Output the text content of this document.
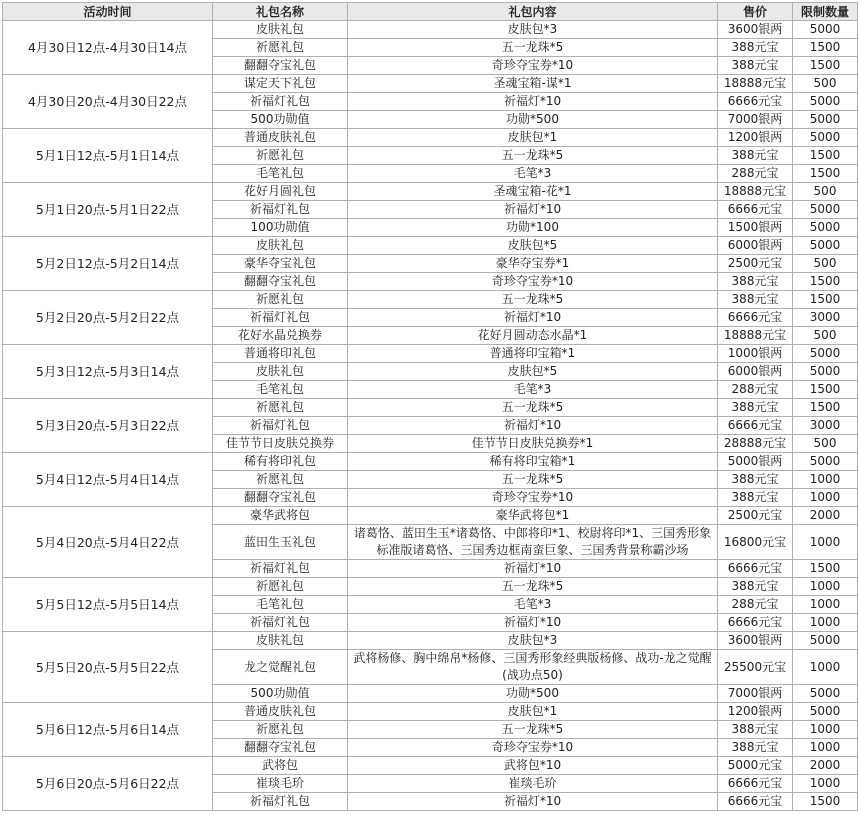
活动时间	礼包名称	礼包内容	售价	限制数量
4月30日12点-4月30日14点	皮肤礼包	皮肤包*3	3600银两	5000
	祈愿礼包	五一龙珠*5	388元宝	1500
	翻翻夺宝礼包	奇珍夺宝券*10	388元宝	1500
4月30日20点-4月30日22点	谋定天下礼包	圣魂宝箱-谋*1	18888元宝	500
	祈福灯礼包	祈福灯*10	6666元宝	5000
	500功勋值	功勋*500	7000银两	5000
5月1日12点-5月1日14点	普通皮肤礼包	皮肤包*1	1200银两	5000
	祈愿礼包	五一龙珠*5	388元宝	1500
	毛笔礼包	毛笔*3	288元宝	1500
5月1日20点-5月1日22点	花好月圆礼包	圣魂宝箱-花*1	18888元宝	500
	祈福灯礼包	祈福灯*10	6666元宝	5000
	100功勋值	功勋*100	1500银两	5000
5月2日12点-5月2日14点	皮肤礼包	皮肤包*5	6000银两	5000
	豪华夺宝礼包	豪华夺宝券*1	2500元宝	500
	翻翻夺宝礼包	奇珍夺宝券*10	388元宝	1500
5月2日20点-5月2日22点	祈愿礼包	五一龙珠*5	388元宝	1500
	祈福灯礼包	祈福灯*10	6666元宝	3000
	花好水晶兑换券	花好月圆动态水晶*1	18888元宝	500
5月3日12点-5月3日14点	普通将印礼包	普通将印宝箱*1	1000银两	5000
	皮肤礼包	皮肤包*5	6000银两	5000
	毛笔礼包	毛笔*3	288元宝	1500
5月3日20点-5月3日22点	祈愿礼包	五一龙珠*5	388元宝	1500
	祈福灯礼包	祈福灯*10	6666元宝	3000
	佳节节日皮肤兑换券	佳节节日皮肤兑换券*1	28888元宝	500
5月4日12点-5月4日14点	稀有将印礼包	稀有将印宝箱*1	5000银两	5000
	祈愿礼包	五一龙珠*5	388元宝	1000
	翻翻夺宝礼包	奇珍夺宝券*10	388元宝	1000
5月4日20点-5月4日22点	豪华武将包	豪华武将包*1	2500元宝	2000
	蓝田生玉礼包	诸葛恪、蓝田生玉*诸葛恪、中郎将印*1、校尉将印*1、三国秀形象标准版诸葛恪、三国秀边框南蛮巨象、三国秀背景称霸沙场	16800元宝	1000
	祈福灯礼包	祈福灯*10	6666元宝	1500
5月5日12点-5月5日14点	祈愿礼包	五一龙珠*5	388元宝	1000
	毛笔礼包	毛笔*3	288元宝	1000
	祈福灯礼包	祈福灯*10	6666元宝	1000
5月5日20点-5月5日22点	皮肤礼包	皮肤包*3	3600银两	5000
	龙之觉醒礼包	武将杨修、胸中绵帛*杨修、三国秀形象经典版杨修、战功-龙之觉醒(战功点50)	25500元宝	1000
	500功勋值	功勋*500	7000银两	5000
5月6日12点-5月6日14点	普通皮肤礼包	皮肤包*1	1200银两	5000
	祈愿礼包	五一龙珠*5	388元宝	1000
	翻翻夺宝礼包	奇珍夺宝券*10	388元宝	1000
5月6日20点-5月6日22点	武将包	武将包*10	5000元宝	2000
	崔琰毛玠	崔琰毛玠	6666元宝	1000
	祈福灯礼包	祈福灯*10	6666元宝	1500
